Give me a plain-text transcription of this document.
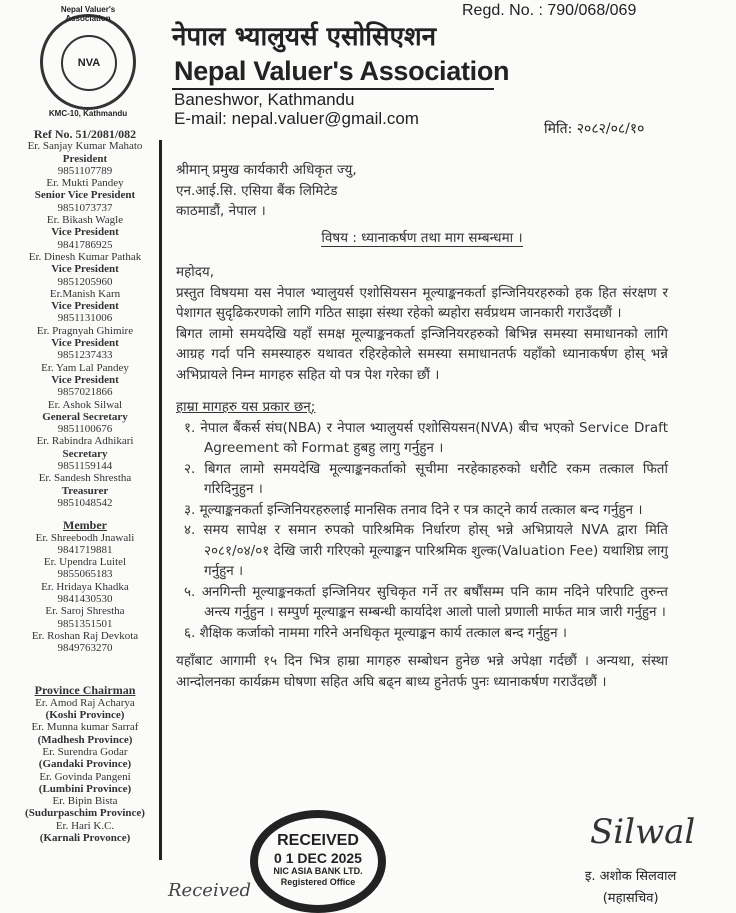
Nepal Valuer's Association
NVA
KMC-10, Kathmandu
Regd. No. : 790/068/069
नेपाल भ्यालुयर्स एसोसिएशन
Nepal Valuer's Association
Baneshwor, Kathmandu
E-mail: nepal.valuer@gmail.com
Ref No. 51/2081/082
Er. Sanjay Kumar Mahato
President
9851107789
Er. Mukti Pandey
Senior Vice President
9851073737
Er. Bikash Wagle
Vice President
9841786925
Er. Dinesh Kumar Pathak
Vice President
9851205960
Er.Manish Karn
Vice President
9851131006
Er. Pragnyah Ghimire
Vice President
9851237433
Er. Yam Lal Pandey
Vice President
9857021866
Er. Ashok Silwal
General Secretary
9851100676
Er. Rabindra Adhikari
Secretary
9851159144
Er. Sandesh Shrestha
Treasurer
9851048542
Member
Er. Shreebodh Jnawali
9841719881
Er. Upendra Luitel
9855065183
Er. Hridaya Khadka
9841430530
Er. Saroj Shrestha
9851351501
Er. Roshan Raj Devkota
9849763270
Province Chairman
Er. Amod Raj Acharya
(Koshi Province)
Er. Munna kumar Sarraf
(Madhesh Province)
Er. Surendra Godar
(Gandaki Province)
Er. Govinda Pangeni
(Lumbini Province)
Er. Bipin Bista
(Sudurpaschim Province)
Er. Hari K.C.
(Karnali Provonce)
मिति: २०८२/०८/१०
श्रीमान् प्रमुख कार्यकारी अधिकृत ज्यु,
एन.आई.सि. एसिया बैंक लिमिटेड
काठमाडौं, नेपाल ।
विषय : ध्यानाकर्षण तथा माग सम्बन्धमा ।
महोदय,
प्रस्तुत विषयमा यस नेपाल भ्यालुयर्स एशोसियसन मूल्याङ्कनकर्ता इन्जिनियरहरुको हक हित संरक्षण र पेशागत सुदृढिकरणको लागि गठित साझा संस्था रहेको ब्यहोरा सर्वप्रथम जानकारी गराउँदछौं ।
बिगत लामो समयदेखि यहाँ समक्ष मूल्याङ्कनकर्ता इन्जिनियरहरुको बिभिन्न समस्या समाधानको लागि आग्रह गर्दा पनि समस्याहरु यथावत रहिरहेकोले समस्या समाधानतर्फ यहाँको ध्यानाकर्षण होस् भन्ने अभिप्रायले निम्न मागहरु सहित यो पत्र पेश गरेका छौं ।
हाम्रा मागहरु यस प्रकार छन्;
१. नेपाल बैंकर्स संघ(NBA) र नेपाल भ्यालुयर्स एशोसियसन(NVA) बीच भएको Service Draft Agreement को Format हुबहु लागु गर्नुहुन ।
२. बिगत लामो समयदेखि मूल्याङ्कनकर्ताको सूचीमा नरहेकाहरुको धरौटि रकम तत्काल फिर्ता गरिदिनुहुन ।
३. मूल्याङ्कनकर्ता इन्जिनियरहरुलाई मानसिक तनाव दिने र पत्र काट्ने कार्य तत्काल बन्द गर्नुहुन ।
४. समय सापेक्ष र समान रुपको पारिश्रमिक निर्धारण होस् भन्ने अभिप्रायले NVA द्वारा मिति २०८१/०४/०१ देखि जारी गरिएको मूल्याङ्कन पारिश्रमिक शुल्क(Valuation Fee) यथाशिघ्र लागु गर्नुहुन ।
५. अनगिन्ती मूल्याङ्कनकर्ता इन्जिनियर सुचिकृत गर्ने तर बर्षौंसम्म पनि काम नदिने परिपाटि तुरुन्त अन्त्य गर्नुहुन । सम्पुर्ण मूल्याङ्कन सम्बन्धी कार्यादेश आलो पालो प्रणाली मार्फत मात्र जारी गर्नुहुन ।
६. शैक्षिक कर्जाको नाममा गरिने अनधिकृत मूल्याङ्कन कार्य तत्काल बन्द गर्नुहुन ।
यहाँबाट आगामी १५ दिन भित्र हाम्रा मागहरु सम्बोधन हुनेछ भन्ने अपेक्षा गर्दछौं । अन्यथा, संस्था आन्दोलनका कार्यक्रम घोषणा सहित अघि बढ्न बाध्य हुनेतर्फ पुनः ध्यानाकर्षण गराउँदछौं ।
Silwal
इ. अशोक सिलवाल
(महासचिव)
RECEIVED
0 1 DEC 2025
NIC ASIA BANK LTD.
Registered Office
Received
